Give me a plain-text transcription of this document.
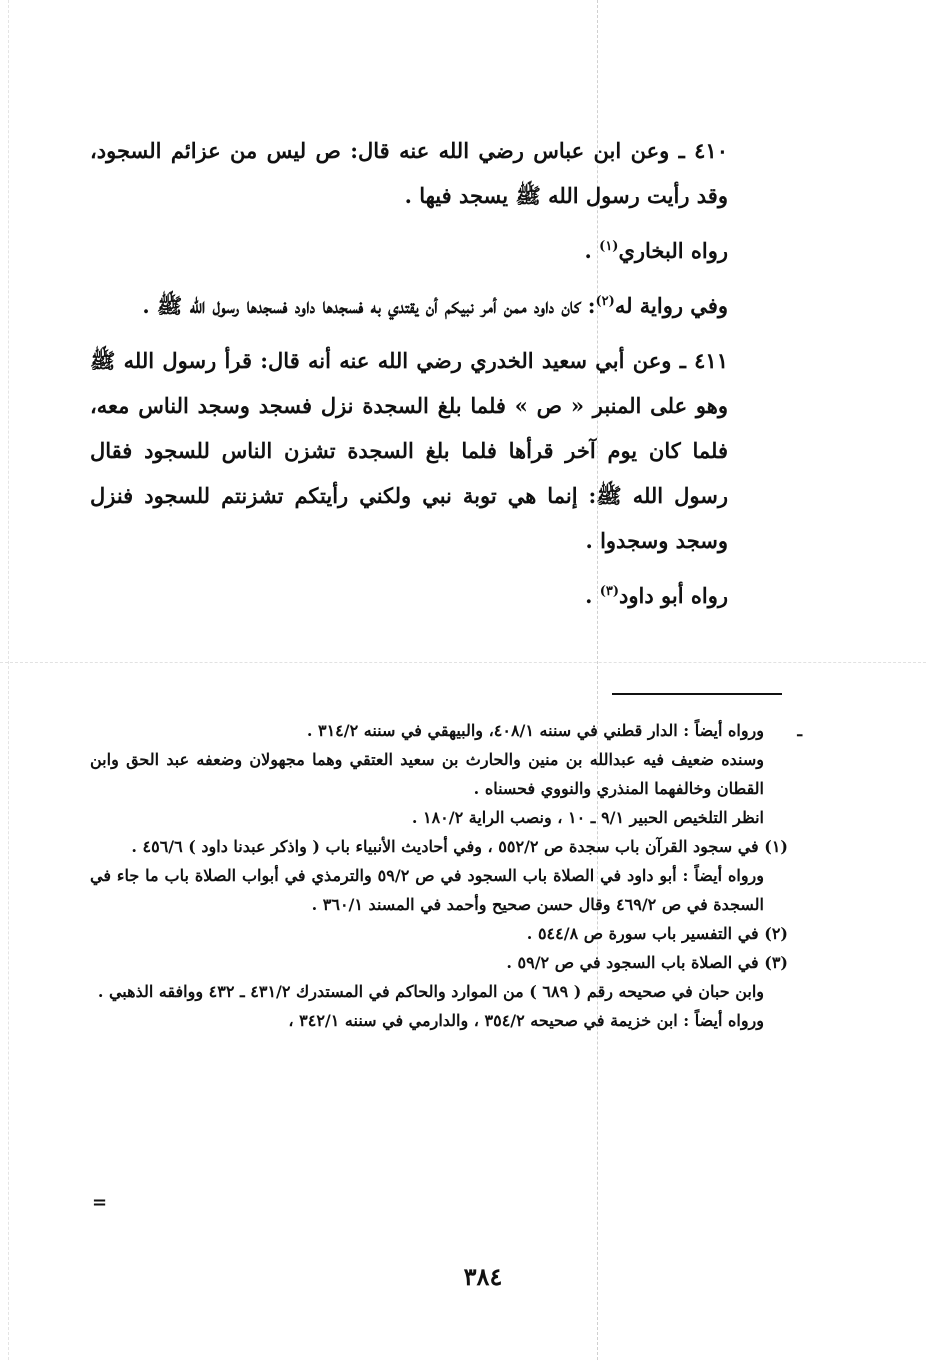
٤١٠ ـ وعن ابن عباس رضي الله عنه قال: ص ليس من عزائم السجود، وقد رأيت رسول الله ﷺ يسجد فيها .

رواه البخاري$^{(١)}$ .

وفي رواية له$^{(٢)}$: كان داود ممن أمر نبيكم أن يقتدي به فسجدها داود فسجدها رسول الله ﷺ .

٤١١ ـ وعن أبي سعيد الخدري رضي الله عنه أنه قال: قرأ رسول الله ﷺ وهو على المنبر « ص » فلما بلغ السجدة نزل فسجد وسجد الناس معه، فلما كان يوم آخر قرأها فلما بلغ السجدة تشزن الناس للسجود فقال رسول الله ﷺ: إنما هي توبة نبي ولكني رأيتكم تشزنتم للسجود فنزل وسجد وسجدوا .

رواه أبو داود$^{(٣)}$ .

ـ
ورواه أيضاً : الدار قطني في سننه ٤٠٨/١، والبيهقي في سننه ٣١٤/٢ .

وسنده ضعيف فيه عبدالله بن منين والحارث بن سعيد العتقي وهما مجهولان وضعفه عبد الحق وابن القطان وخالفهما المنذري والنووي فحسناه .

انظر التلخيص الحبير ٩/١ ـ ١٠ ، ونصب الراية ١٨٠/٢ .

(١) في سجود القرآن باب سجدة ص ٥٥٢/٢ ، وفي أحاديث الأنبياء باب ( واذكر عبدنا داود ) ٤٥٦/٦ .

ورواه أيضاً : أبو داود في الصلاة باب السجود في ص ٥٩/٢ والترمذي في أبواب الصلاة باب ما جاء في السجدة في ص ٤٦٩/٢ وقال حسن صحيح وأحمد في المسند ٣٦٠/١ .

(٢) في التفسير باب سورة ص ٥٤٤/٨ .

(٣) في الصلاة باب السجود في ص ٥٩/٢ .

وابن حبان في صحيحه رقم ( ٦٨٩ ) من الموارد والحاكم في المستدرك ٤٣١/٢ ـ ٤٣٢ ووافقه الذهبي .

ورواه أيضاً : ابن خزيمة في صحيحه ٣٥٤/٢ ، والدارمي في سننه ٣٤٢/١ ،

=
٣٨٤
